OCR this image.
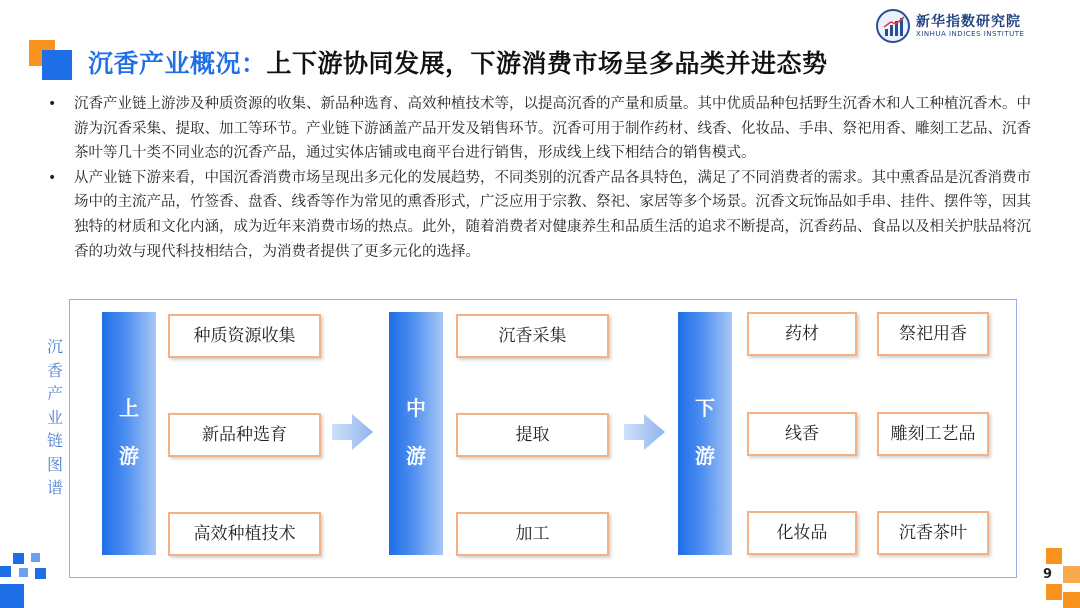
沉香产业概况：上下游协同发展，下游消费市场呈多品类并进态势
新华指数研究院
XINHUA INDICES INSTITUTE
•	沉香产业链上游涉及种质资源的收集、新品种选育、高效种植技术等，以提高沉香的产量和质量。其中优质品种包括野生沉香木和人工种植沉香木。中游为沉香采集、提取、加工等环节。产业链下游涵盖产品开发及销售环节。沉香可用于制作药材、线香、化妆品、手串、祭祀用香、雕刻工艺品、沉香茶叶等几十类不同业态的沉香产品，通过实体店铺或电商平台进行销售，形成线上线下相结合的销售模式。
•	从产业链下游来看，中国沉香消费市场呈现出多元化的发展趋势，不同类别的沉香产品各具特色，满足了不同消费者的需求。其中熏香品是沉香消费市场中的主流产品，竹签香、盘香、线香等作为常见的熏香形式，广泛应用于宗教、祭祀、家居等多个场景。沉香文玩饰品如手串、挂件、摆件等，因其独特的材质和文化内涵，成为近年来消费市场的热点。此外，随着消费者对健康养生和品质生活的追求不断提高，沉香药品、食品以及相关护肤品将沉香的功效与现代科技相结合，为消费者提供了更多元化的选择。
沉香产业链图谱
上
游
种质资源收集
新品种选育
高效种植技术
中
游
沉香采集
提取
加工
下
游
药材	祭祀用香
线香	雕刻工艺品
化妆品	沉香茶叶
9
